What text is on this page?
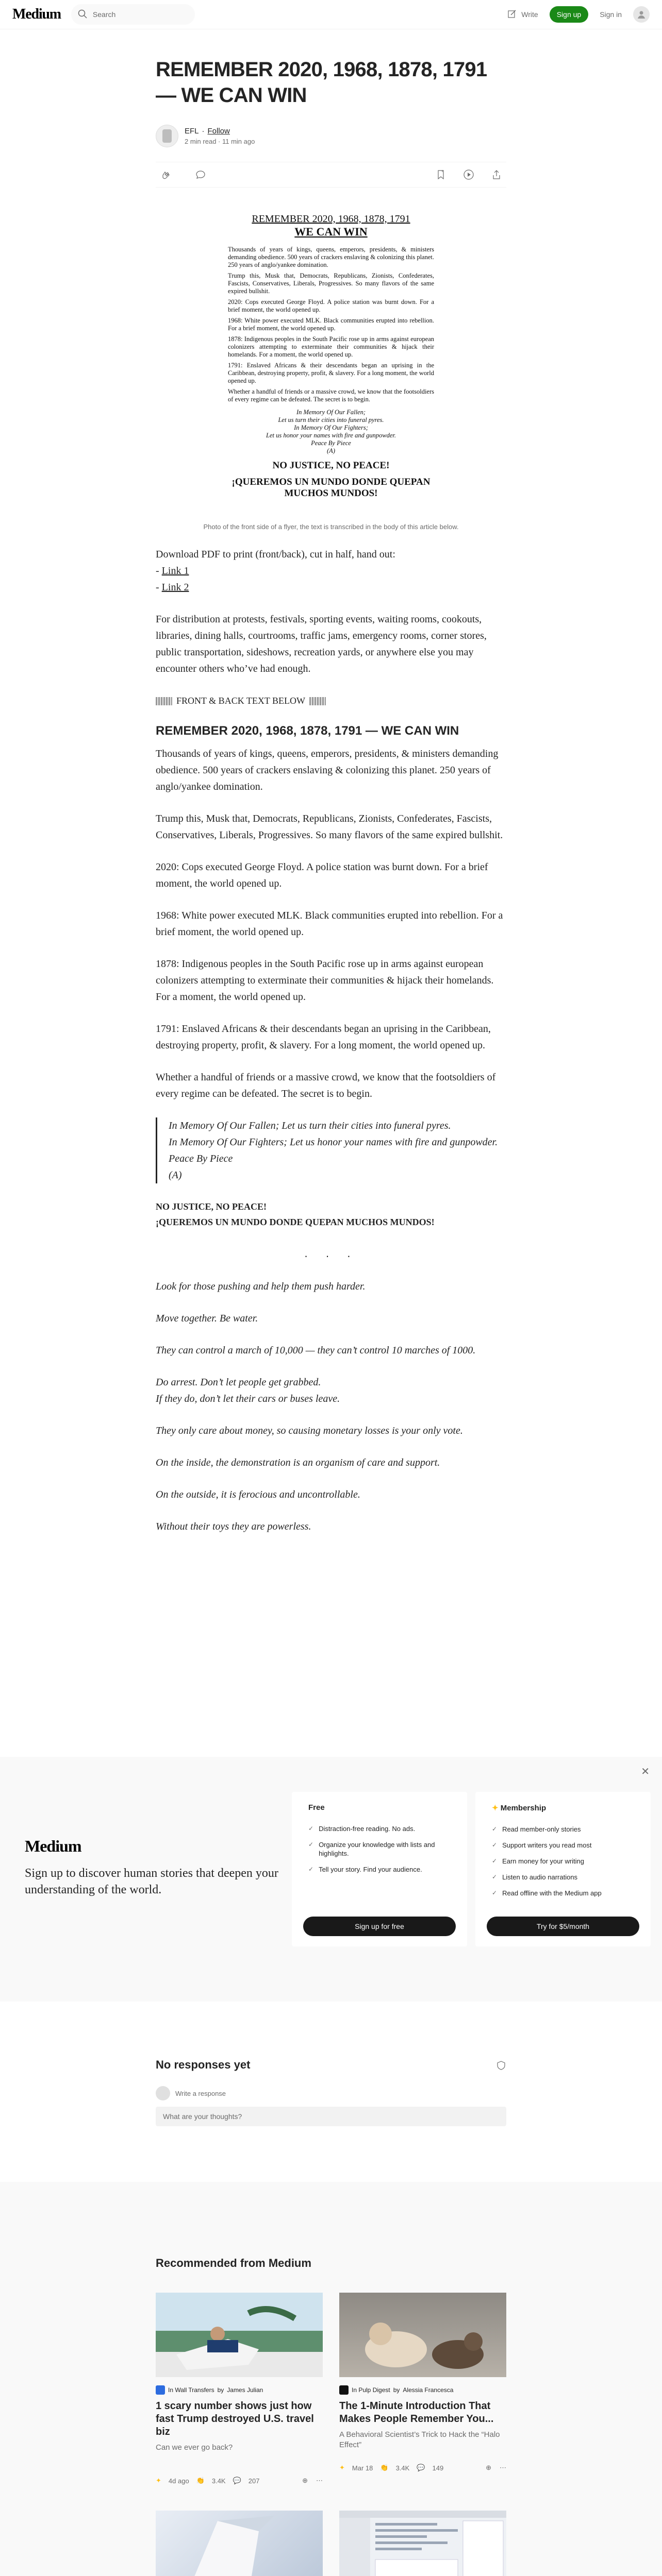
Medium	Search	Write	Sign up	Sign in
REMEMBER 2020, 1968, 1878, 1791 — WE CAN WIN
EFL · Follow
2 min read · 11 min ago
REMEMBER 2020, 1968, 1878, 1791
WE CAN WIN

Thousands of years of kings, queens, emperors, presidents, & ministers demanding obedience. 500 years of crackers enslaving & colonizing this planet. 250 years of anglo/yankee domination.

Trump this, Musk that, Democrats, Republicans, Zionists, Confederates, Fascists, Conservatives, Liberals, Progressives. So many flavors of the same expired bullshit.

2020: Cops executed George Floyd. A police station was burnt down. For a brief moment, the world opened up.

1968: White power executed MLK. Black communities erupted into rebellion. For a brief moment, the world opened up.

1878: Indigenous peoples in the South Pacific rose up in arms against european colonizers attempting to exterminate their communities & hijack their homelands. For a moment, the world opened up.

1791: Enslaved Africans & their descendants began an uprising in the Caribbean, destroying property, profit, & slavery. For a long moment, the world opened up.

Whether a handful of friends or a massive crowd, we know that the footsoldiers of every regime can be defeated. The secret is to begin.

In Memory Of Our Fallen;
Let us turn their cities into funeral pyres.
In Memory Of Our Fighters;
Let us honor your names with fire and gunpowder.
Peace By Piece
(A)
NO JUSTICE, NO PEACE!
¡QUEREMOS UN MUNDO DONDE QUEPAN MUCHOS MUNDOS!
Photo of the front side of a flyer, the text is transcribed in the body of this article below.

Download PDF to print (front/back), cut in half, hand out:

- Link 1
- Link 2

For distribution at protests, festivals, sporting events, waiting rooms, cookouts, libraries, dining halls, courtrooms, traffic jams, emergency rooms, corner stores, public transportation, sideshows, recreation yards, or anywhere else you may encounter others who’ve had enough.

FRONT & BACK TEXT BELOW
REMEMBER 2020, 1968, 1878, 1791 — WE CAN WIN

Thousands of years of kings, queens, emperors, presidents, & ministers demanding obedience. 500 years of crackers enslaving & colonizing this planet. 250 years of anglo/yankee domination.

Trump this, Musk that, Democrats, Republicans, Zionists, Confederates, Fascists, Conservatives, Liberals, Progressives. So many flavors of the same expired bullshit.

2020: Cops executed George Floyd. A police station was burnt down. For a brief moment, the world opened up.

1968: White power executed MLK. Black communities erupted into rebellion. For a brief moment, the world opened up.

1878: Indigenous peoples in the South Pacific rose up in arms against european colonizers attempting to exterminate their communities & hijack their homelands. For a moment, the world opened up.

1791: Enslaved Africans & their descendants began an uprising in the Caribbean, destroying property, profit, & slavery. For a long moment, the world opened up.

Whether a handful of friends or a massive crowd, we know that the footsoldiers of every regime can be defeated. The secret is to begin.

In Memory Of Our Fallen; Let us turn their cities into funeral pyres.
In Memory Of Our Fighters; Let us honor your names with fire and gunpowder.
Peace By Piece
(A)
NO JUSTICE, NO PEACE!
¡QUEREMOS UN MUNDO DONDE QUEPAN MUCHOS MUNDOS!
· · ·

Look for those pushing and help them push harder.

Move together. Be water.

They can control a march of 10,000 — they can’t control 10 marches of 1000.

Do arrest. Don’t let people get grabbed.
If they do, don’t let their cars or buses leave.

They only care about money, so causing monetary losses is your only vote.

On the inside, the demonstration is an organism of care and support.

On the outside, it is ferocious and uncontrollable.

Without their toys they are powerless.

✕
Medium
Sign up to discover human stories that deepen your understanding of the world.
Free
✓ Distraction-free reading. No ads.
✓ Organize your knowledge with lists and highlights.
✓ Tell your story. Find your audience.
Sign up for free
✦ Membership
✓ Read member-only stories
✓ Support writers you read most
✓ Earn money for your writing
✓ Listen to audio narrations
✓ Read offline with the Medium app
Try for $5/month
No responses yet
Write a response
What are your thoughts?
Recommended from Medium
In Wall Transfers by James Julian
1 scary number shows just how fast Trump destroyed U.S. travel biz
Can we ever go back?
✦ 4d ago 👏 3.4K 💬 207	⊕ ⋯
In Pulp Digest by Alessia Francesca
The 1-Minute Introduction That Makes People Remember You...
A Behavioral Scientist’s Trick to Hack the “Halo Effect”
✦ Mar 18 👏 3.4K 💬 149	⊕ ⋯
